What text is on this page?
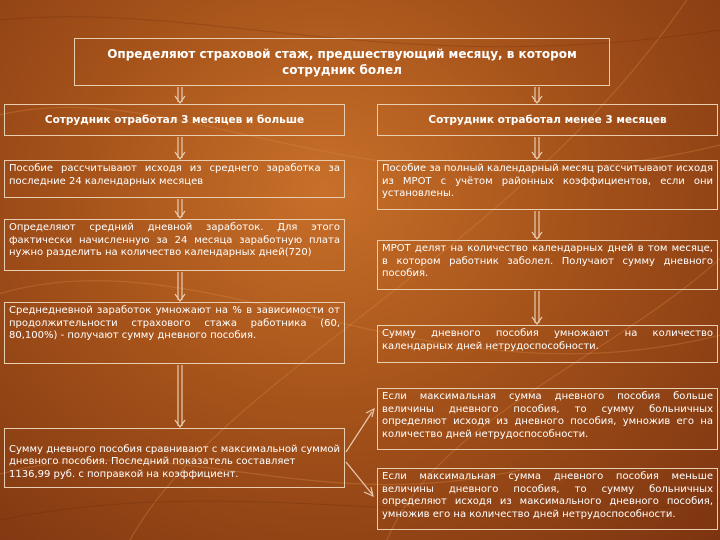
Определяют страховой стаж, предшествующий месяцу, в котором сотрудник болел
Сотрудник отработал 3 месяцев и больше	Сотрудник отработал менее 3 месяцев
Пособие рассчитывают исходя из среднего заработка за последние 24 календарных месяцев
Определяют средний дневной заработок. Для этого фактически начисленную за 24 месяца заработную плата нужно разделить на количество календарных дней(720)
Среднедневной заработок умножают на % в зависимости от продолжительности страхового стажа работника (60, 80,100%) - получают сумму дневного пособия.

Сумму дневного пособия сравнивают с максимальной суммой дневного пособия. Последний показатель составляет
1136,99 руб. с поправкой на коэффициент.

Пособие за полный календарный месяц рассчитывают исходя из МРОТ с учётом районных коэффициентов, если они установлены.
МРОТ делят на количество календарных дней в том месяце, в котором работник заболел. Получают сумму дневного пособия.
Сумму дневного пособия умножают на количество календарных дней нетрудоспособности.
Если максимальная сумма дневного пособия больше величины дневного пособия, то сумму больничных определяют исходя из дневного пособия, умножив его на количество дней нетрудоспособности.
Если максимальная сумма дневного пособия меньше величины дневного пособия, то сумму больничных определяют исходя из максимального дневного пособия, умножив его на количество дней нетрудоспособности.
